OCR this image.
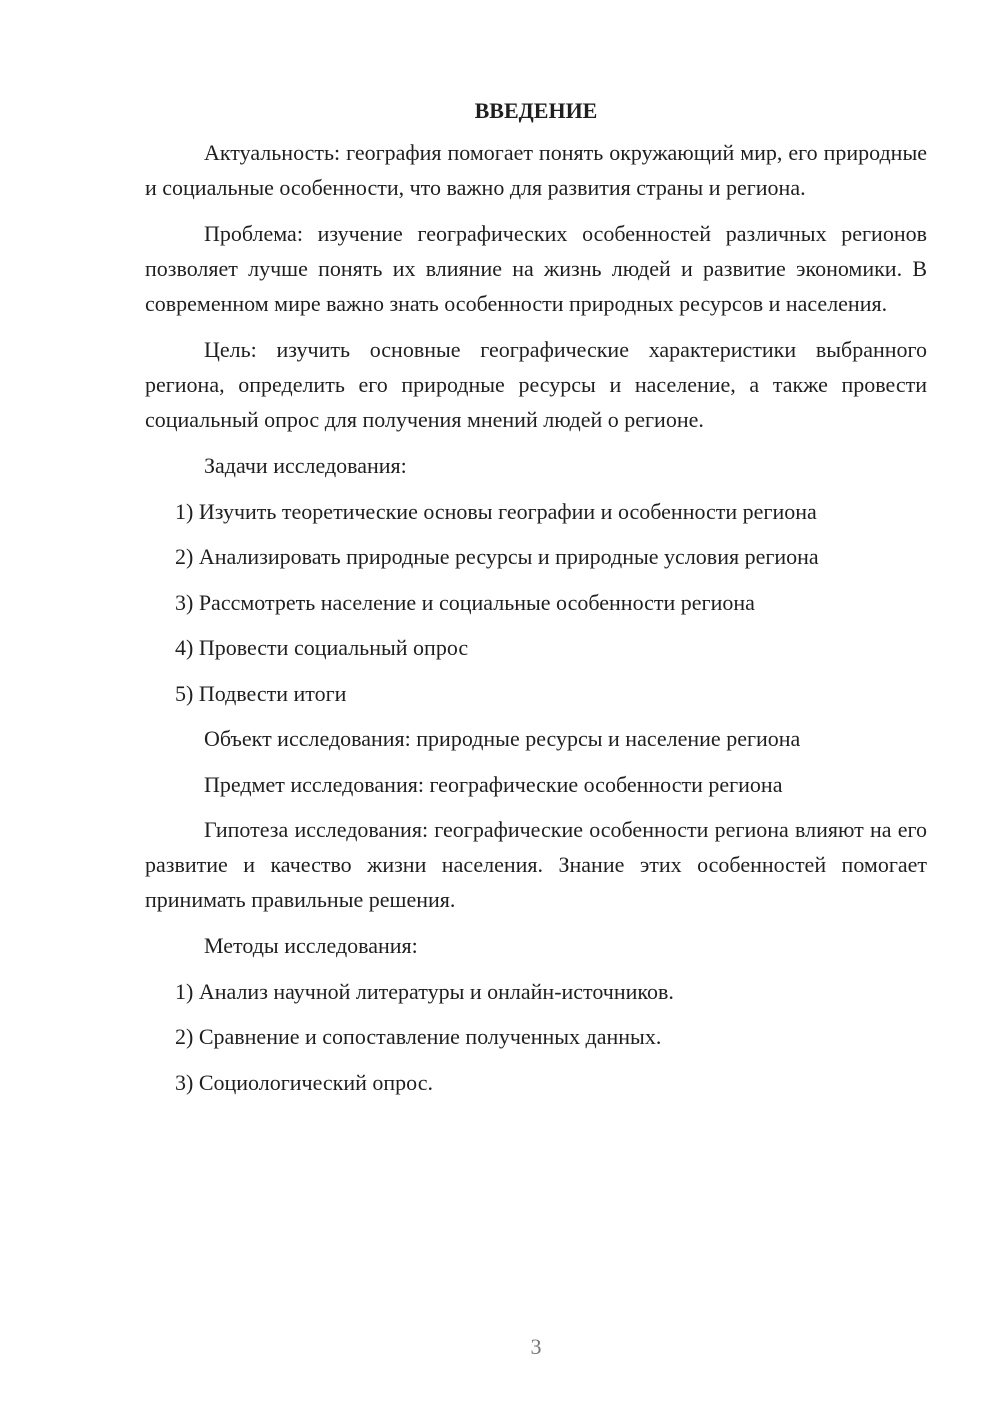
ВВЕДЕНИЕ

Актуальность: география помогает понять окружающий мир, его природные и социальные особенности, что важно для развития страны и региона.

Проблема: изучение географических особенностей различных регионов позволяет лучше понять их влияние на жизнь людей и развитие экономики. В современном мире важно знать особенности природных ресурсов и населения.

Цель: изучить основные географические характеристики выбранного региона, определить его природные ресурсы и население, а также провести социальный опрос для получения мнений людей о регионе.

Задачи исследования:
1) Изучить теоретические основы географии и особенности региона
2) Анализировать природные ресурсы и природные условия региона
3) Рассмотреть население и социальные особенности региона
4) Провести социальный опрос
5) Подвести итоги
Объект исследования: природные ресурсы и население региона
Предмет исследования: географические особенности региона

Гипотеза исследования: географические особенности региона влияют на его развитие и качество жизни населения. Знание этих особенностей помогает принимать правильные решения.

Методы исследования:
1) Анализ научной литературы и онлайн-источников.
2) Сравнение и сопоставление полученных данных.
3) Социологический опрос.
3
